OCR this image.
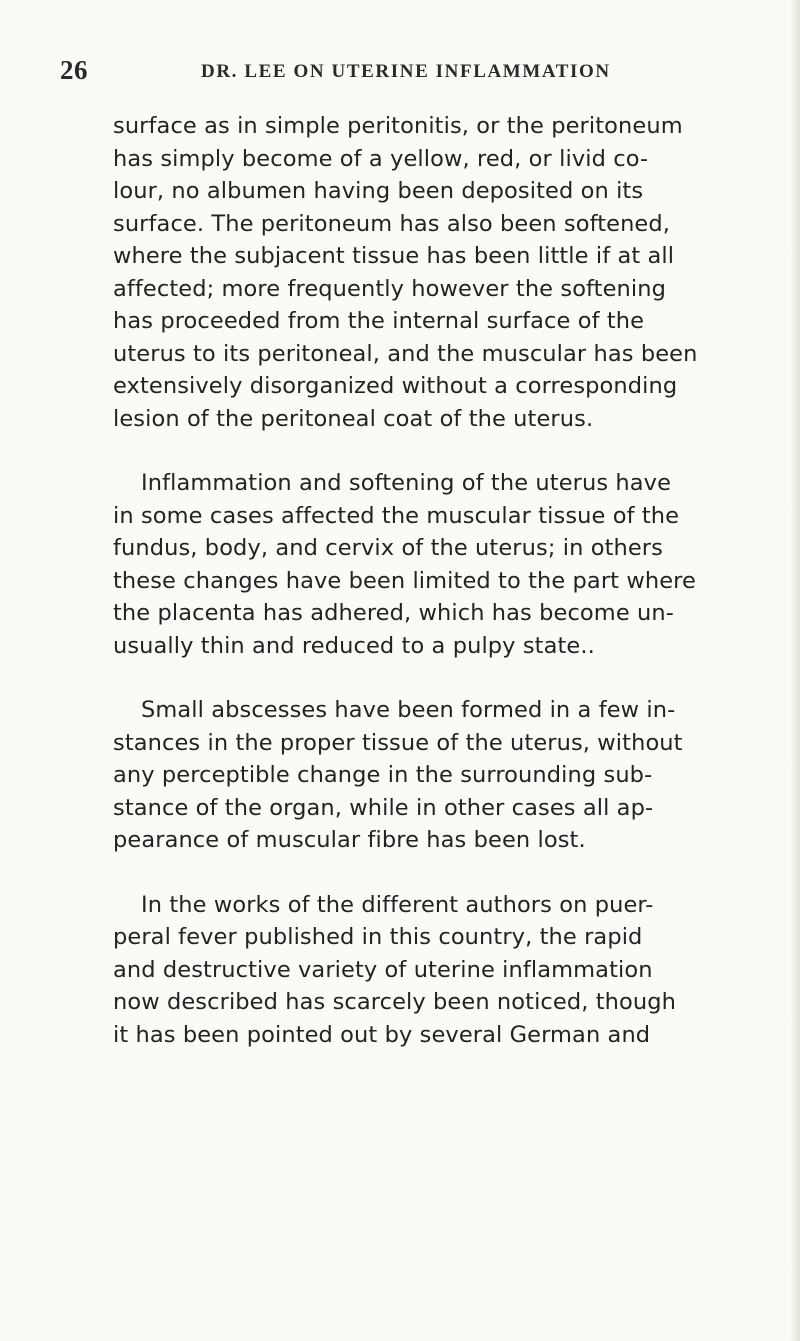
26	DR. LEE ON UTERINE INFLAMMATION
surface as in simple peritonitis, or the peritoneum
has simply become of a yellow, red, or livid co-
lour, no albumen having been deposited on its
surface. The peritoneum has also been softened,
where the subjacent tissue has been little if at all
affected; more frequently however the softening
has proceeded from the internal surface of the
uterus to its peritoneal, and the muscular has been
extensively disorganized without a corresponding
lesion of the peritoneal coat of the uterus.
Inflammation and softening of the uterus have
in some cases affected the muscular tissue of the
fundus, body, and cervix of the uterus; in others
these changes have been limited to the part where
the placenta has adhered, which has become un-
usually thin and reduced to a pulpy state..
Small abscesses have been formed in a few in-
stances in the proper tissue of the uterus, without
any perceptible change in the surrounding sub-
stance of the organ, while in other cases all ap-
pearance of muscular fibre has been lost.
In the works of the different authors on puer-
peral fever published in this country, the rapid
and destructive variety of uterine inflammation
now described has scarcely been noticed, though
it has been pointed out by several German and
